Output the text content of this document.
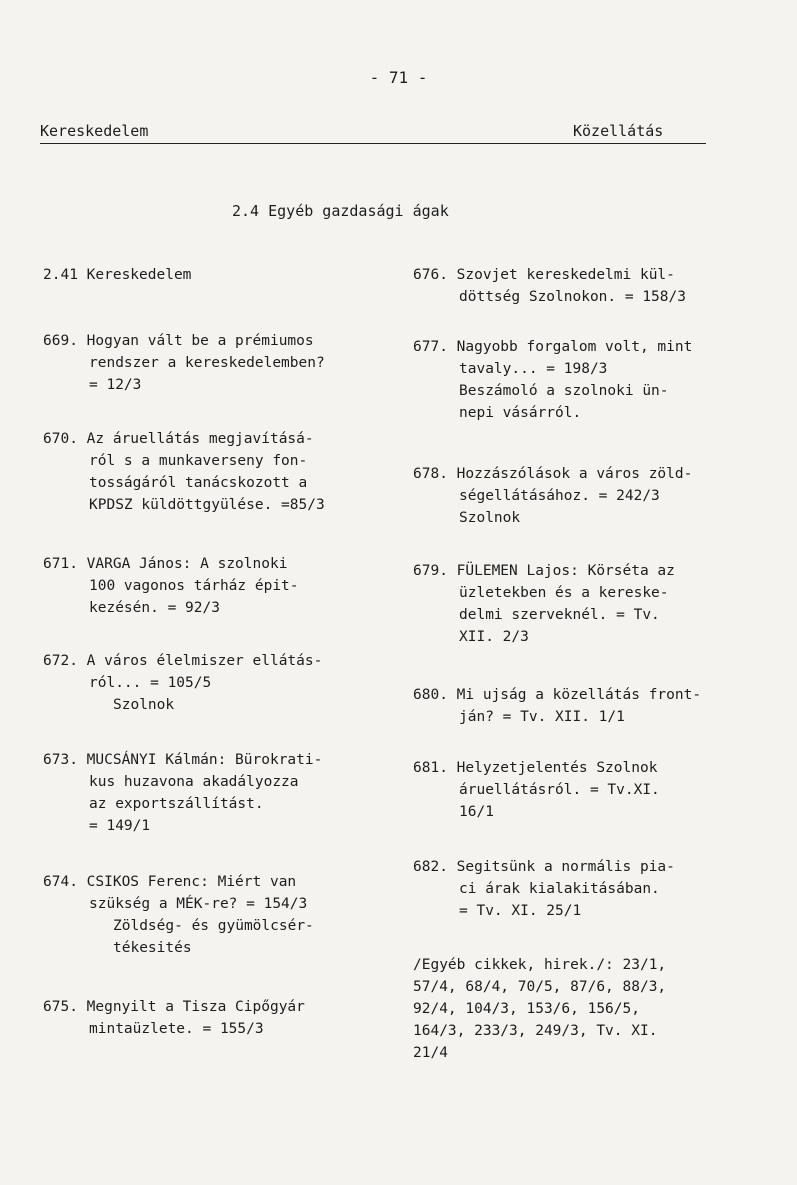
- 71 -
Kereskedelem	Közellátás
2.4 Egyéb gazdasági ágak
2.41 Kereskedelem
669. Hogyan vált be a prémiumos
rendszer a kereskedelemben?
= 12/3
670. Az áruellátás megjavításá-
ról s a munkaverseny fon-
tosságáról tanácskozott a
KPDSZ küldöttgyülése. =85/3
671. VARGA János: A szolnoki
100 vagonos tárház épit-
kezésén. = 92/3
672. A város élelmiszer ellátás-
ról... = 105/5
Szolnok
673. MUCSÁNYI Kálmán: Bürokrati-
kus huzavona akadályozza
az exportszállítást.
= 149/1
674. CSIKOS Ferenc: Miért van
szükség a MÉK-re? = 154/3
Zöldség- és gyümölcsér-
tékesités
675. Megnyilt a Tisza Cipőgyár
mintaüzlete. = 155/3
676. Szovjet kereskedelmi kül-
döttség Szolnokon. = 158/3
677. Nagyobb forgalom volt, mint
tavaly... = 198/3
Beszámoló a szolnoki ün-
nepi vásárról.
678. Hozzászólások a város zöld-
ségellátásához. = 242/3
Szolnok
679. FÜLEMEN Lajos: Körséta az
üzletekben és a kereske-
delmi szerveknél. = Tv.
XII. 2/3
680. Mi ujság a közellátás front-
ján? = Tv. XII. 1/1
681. Helyzetjelentés Szolnok
áruellátásról. = Tv.XI.
16/1
682. Segitsünk a normális pia-
ci árak kialakitásában.
= Tv. XI. 25/1
/Egyéb cikkek, hirek./: 23/1,
57/4, 68/4, 70/5, 87/6, 88/3,
92/4, 104/3, 153/6, 156/5,
164/3, 233/3, 249/3, Tv. XI.
21/4
